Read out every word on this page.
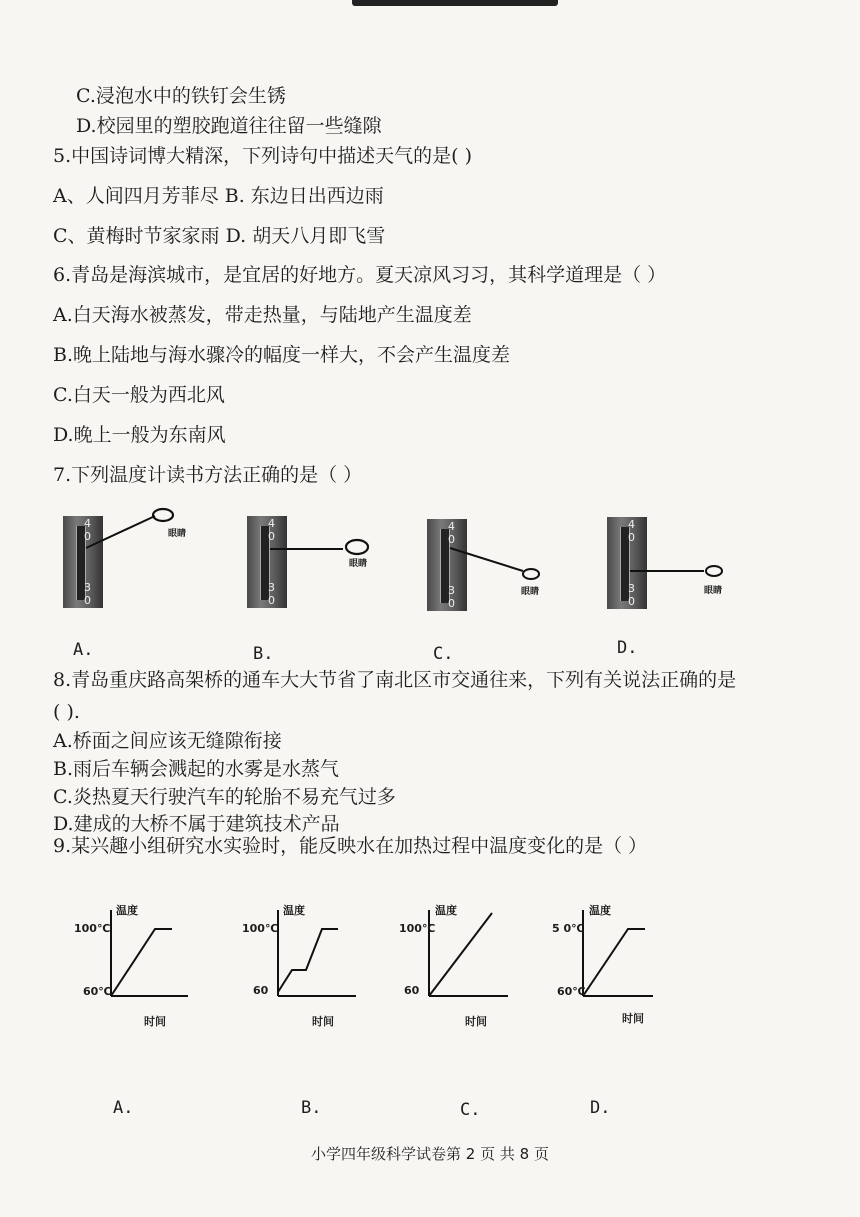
C.浸泡水中的铁钉会生锈
D.校园里的塑胶跑道往往留一些缝隙
5.中国诗词博大精深，下列诗句中描述天气的是( )
A、人间四月芳菲尽 B. 东边日出西边雨
C、黄梅时节家家雨 D. 胡天八月即飞雪
6.青岛是海滨城市，是宜居的好地方。夏天凉风习习，其科学道理是（ ）
A.白天海水被蒸发，带走热量，与陆地产生温度差
B.晚上陆地与海水骤冷的幅度一样大，不会产生温度差
C.白天一般为西北风
D.晚上一般为东南风
7.下列温度计读书方法正确的是（ ）
4 0
3 0
眼睛
A.
4 0
3 0
眼睛
B.
4 0
3 0
眼睛
C.
4 0
3 0
眼睛
D.
8.青岛重庆路高架桥的通车大大节省了南北区市交通往来，下列有关说法正确的是
( ).
A.桥面之间应该无缝隙衔接
B.雨后车辆会溅起的水雾是水蒸气
C.炎热夏天行驶汽车的轮胎不易充气过多
D.建成的大桥不属于建筑技术产品
9.某兴趣小组研究水实验时，能反映水在加热过程中温度变化的是（ ）
温度
100℃
60℃
时间
A.
温度
100℃
60
时间
B.
温度
100℃
60
时间
C.
温度
5 0℃
60℃
时间
D.
小学四年级科学试卷第 2 页 共 8 页
